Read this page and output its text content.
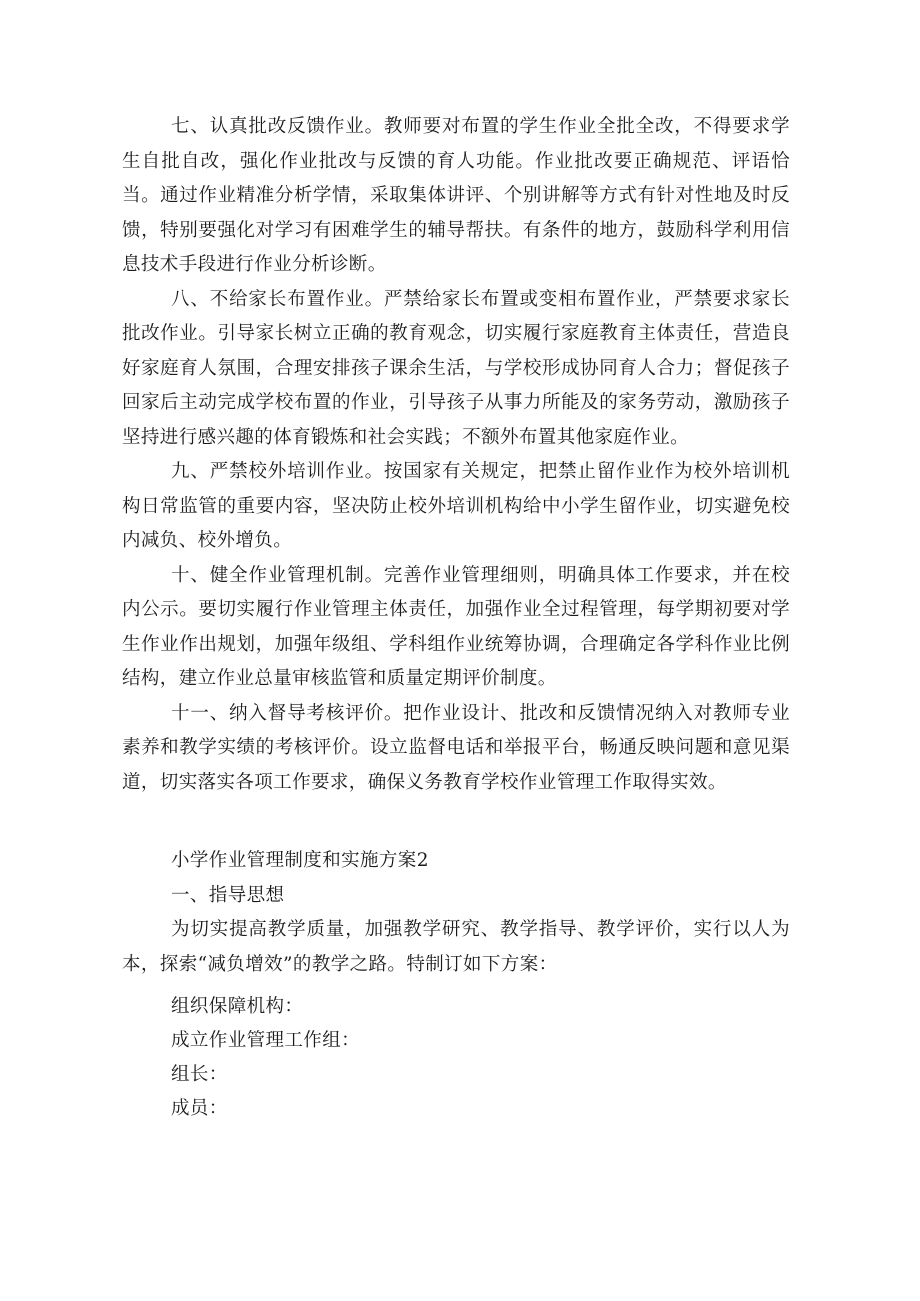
七、认真批改反馈作业。教师要对布置的学生作业全批全改，不得要求学生自批自改，强化作业批改与反馈的育人功能。作业批改要正确规范、评语恰当。通过作业精准分析学情，采取集体讲评、个别讲解等方式有针对性地及时反馈，特别要强化对学习有困难学生的辅导帮扶。有条件的地方，鼓励科学利用信息技术手段进行作业分析诊断。

八、不给家长布置作业。严禁给家长布置或变相布置作业，严禁要求家长批改作业。引导家长树立正确的教育观念，切实履行家庭教育主体责任，营造良好家庭育人氛围，合理安排孩子课余生活，与学校形成协同育人合力；督促孩子回家后主动完成学校布置的作业，引导孩子从事力所能及的家务劳动，激励孩子坚持进行感兴趣的体育锻炼和社会实践；不额外布置其他家庭作业。

九、严禁校外培训作业。按国家有关规定，把禁止留作业作为校外培训机构日常监管的重要内容，坚决防止校外培训机构给中小学生留作业，切实避免校内减负、校外增负。

十、健全作业管理机制。完善作业管理细则，明确具体工作要求，并在校内公示。要切实履行作业管理主体责任，加强作业全过程管理，每学期初要对学生作业作出规划，加强年级组、学科组作业统筹协调，合理确定各学科作业比例结构，建立作业总量审核监管和质量定期评价制度。

十一、纳入督导考核评价。把作业设计、批改和反馈情况纳入对教师专业素养和教学实绩的考核评价。设立监督电话和举报平台，畅通反映问题和意见渠道，切实落实各项工作要求，确保义务教育学校作业管理工作取得实效。

小学作业管理制度和实施方案2

一、指导思想

为切实提高教学质量，加强教学研究、教学指导、教学评价，实行以人为本，探索“减负增效”的教学之路。特制订如下方案：

组织保障机构：

成立作业管理工作组：

组长：

成员：
